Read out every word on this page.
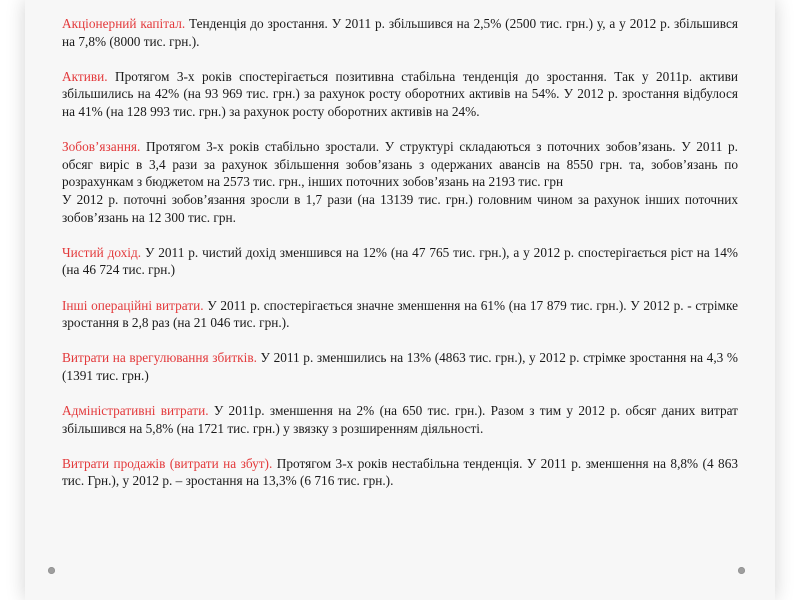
Акціонерний капітал. Тенденція до зростання. У 2011 р. збільшився на 2,5% (2500 тис. грн.) у, а у 2012 р. збільшився на 7,8% (8000 тис. грн.).

Активи. Протягом 3-х років спостерігається позитивна стабільна тенденція до зростання. Так у 2011р. активи збільшились на 42% (на 93 969 тис. грн.) за рахунок росту оборотних активів на 54%. У 2012 р. зростання відбулося на 41% (на 128 993 тис. грн.) за рахунок росту оборотних активів на 24%.

Зобов’язання. Протягом 3-х років стабільно зростали. У структурі складаються з поточних зобов’язань. У 2011 р. обсяг виріс в 3,4 рази за рахунок збільшення зобов’язань з одержаних авансів на 8550 грн. та, зобов’язань по розрахункам з бюджетом на 2573 тис. грн., інших поточних зобов’язань на 2193 тис. грн

У 2012 р. поточні зобов’язання зросли в 1,7 рази (на 13139 тис. грн.) головним чином за рахунок інших поточних зобов’язань на 12 300 тис. грн.

Чистий дохід. У 2011 р. чистий дохід зменшився на 12% (на 47 765 тис. грн.), а у 2012 р. спостерігається ріст на 14% (на 46 724 тис. грн.)

Інші операційні витрати. У 2011 р. спостерігається значне зменшення на 61% (на 17 879 тис. грн.). У 2012 р. - стрімке зростання в 2,8 раз (на 21 046 тис. грн.).

Витрати на врегулювання збитків. У 2011 р. зменшились на 13% (4863 тис. грн.), у 2012 р. стрімке зростання на 4,3 % (1391 тис. грн.)

Адміністративні витрати. У 2011р. зменшення на 2% (на 650 тис. грн.). Разом з тим у 2012 р. обсяг даних витрат збільшився на 5,8% (на 1721 тис. грн.) у звязку з розширенням діяльності.

Витрати продажів (витрати на збут). Протягом 3-х років нестабільна тенденція. У 2011 р. зменшення на 8,8% (4 863 тис. Грн.), у 2012 р. – зростання на 13,3% (6 716 тис. грн.).
